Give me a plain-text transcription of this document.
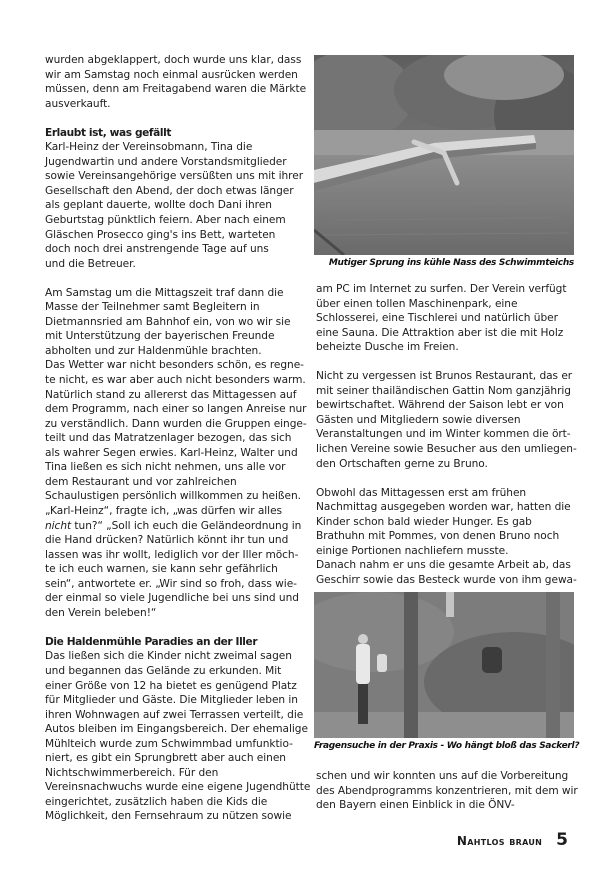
wurden abgeklappert, doch wurde uns klar, dass

wir am Samstag noch einmal ausrücken werden

müssen, denn am Freitagabend waren die Märkte

ausverkauft.

Erlaubt ist, was gefällt

Karl-Heinz der Vereinsobmann, Tina die

Jugendwartin und andere Vorstandsmitglieder

sowie Vereinsangehörige versüßten uns mit ihrer

Gesellschaft den Abend, der doch etwas länger

als geplant dauerte, wollte doch Dani ihren

Geburtstag pünktlich feiern. Aber nach einem

Gläschen Prosecco ging's ins Bett, warteten

doch noch drei anstrengende Tage auf uns

und die Betreuer.

Am Samstag um die Mittagszeit traf dann die

Masse der Teilnehmer samt Begleitern in

Dietmannsried am Bahnhof ein, von wo wir sie

mit Unterstützung der bayerischen Freunde

abholten und zur Haldenmühle brachten.

Das Wetter war nicht besonders schön, es regne-

te nicht, es war aber auch nicht besonders warm.

Natürlich stand zu allererst das Mittagessen auf

dem Programm, nach einer so langen Anreise nur

zu verständlich. Dann wurden die Gruppen einge-

teilt und das Matratzenlager bezogen, das sich

als wahrer Segen erwies. Karl-Heinz, Walter und

Tina ließen es sich nicht nehmen, uns alle vor

dem Restaurant und vor zahlreichen

Schaulustigen persönlich willkommen zu heißen.

„Karl-Heinz“, fragte ich, „was dürfen wir alles

nicht tun?“ „Soll ich euch die Geländeordnung in

die Hand drücken? Natürlich könnt ihr tun und

lassen was ihr wollt, lediglich vor der Iller möch-

te ich euch warnen, sie kann sehr gefährlich

sein“, antwortete er. „Wir sind so froh, dass wie-

der einmal so viele Jugendliche bei uns sind und

den Verein beleben!“

Die Haldenmühle Paradies an der Iller

Das ließen sich die Kinder nicht zweimal sagen

und begannen das Gelände zu erkunden. Mit

einer Größe von 12 ha bietet es genügend Platz

für Mitglieder und Gäste. Die Mitglieder leben in

ihren Wohnwagen auf zwei Terrassen verteilt, die

Autos bleiben im Eingangsbereich. Der ehemalige

Mühlteich wurde zum Schwimmbad umfunktio-

niert, es gibt ein Sprungbrett aber auch einen

Nichtschwimmerbereich. Für den

Vereinsnachwuchs wurde eine eigene Jugendhütte

eingerichtet, zusätzlich haben die Kids die

Möglichkeit, den Fernsehraum zu nützen sowie

Mutiger Sprung ins kühle Nass des Schwimmteichs

am PC im Internet zu surfen. Der Verein verfügt

über einen tollen Maschinenpark, eine

Schlosserei, eine Tischlerei und natürlich über

eine Sauna. Die Attraktion aber ist die mit Holz

beheizte Dusche im Freien.

Nicht zu vergessen ist Brunos Restaurant, das er

mit seiner thailändischen Gattin Nom ganzjährig

bewirtschaftet. Während der Saison lebt er von

Gästen und Mitgliedern sowie diversen

Veranstaltungen und im Winter kommen die ört-

lichen Vereine sowie Besucher aus den umliegen-

den Ortschaften gerne zu Bruno.

Obwohl das Mittagessen erst am frühen

Nachmittag ausgegeben worden war, hatten die

Kinder schon bald wieder Hunger. Es gab

Brathuhn mit Pommes, von denen Bruno noch

einige Portionen nachliefern musste.

Danach nahm er uns die gesamte Arbeit ab, das

Geschirr sowie das Besteck wurde von ihm gewa-

Fragensuche in der Praxis - Wo hängt bloß das Sackerl?

schen und wir konnten uns auf die Vorbereitung

des Abendprogramms konzentrieren, mit dem wir

den Bayern einen Einblick in die ÖNV-

Nahtlos braun 5
